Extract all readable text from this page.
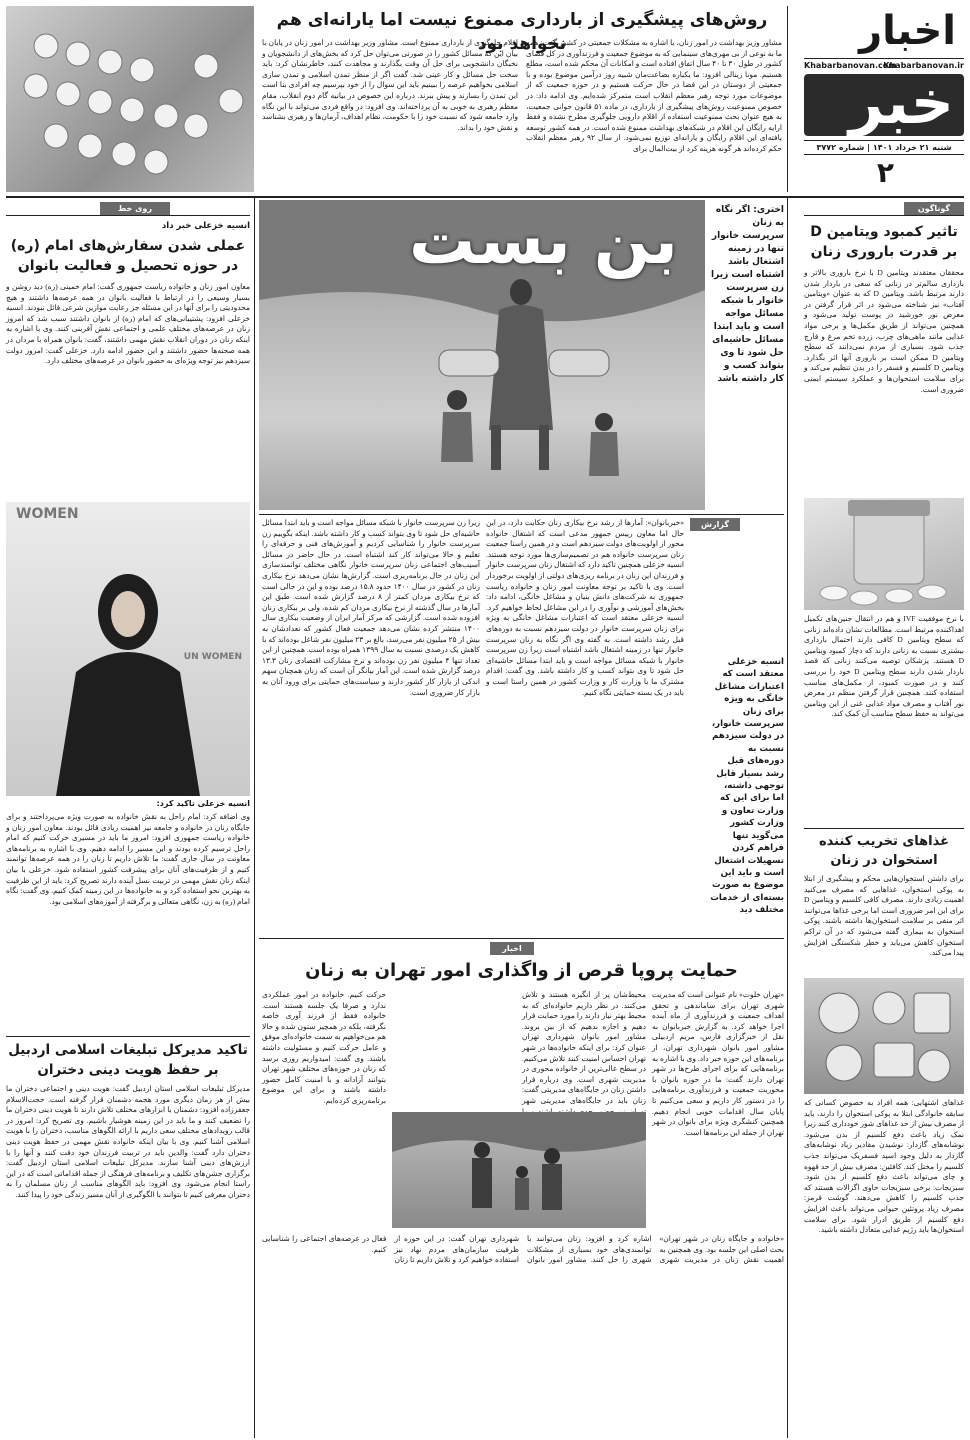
اخبار
Khabarbanovan.ir
Khabarbanovan.com
خبر
شنبه ۲۱ خرداد ۱۴۰۱ | شماره ۳۷۷۲
۲
روش‌های پیشگیری از بارداری ممنوع نیست اما یارانه‌ای هم نخواهد بود
مشاور وزیر بهداشت در امور زنان، با اشاره به مشکلات جمعیتی در کشور گفت: همه ما به نوعی از بی مهری‌های سینمایی که به موضوع جمعیت و فرزندآوری در کل فضای کشور در طول ۳۰ تا ۴۰ سال اتفاق افتاده است و امکانات آن محکم شده است، مطلع هستیم. مونا زینالی افزود: ما یکباره بضاعت‌مان شبیه روز درآمین موضوع بوده و با جمعیتی از دوستان در این فضا در حال حرکت هستیم و در حوزه جمعیت که از موضوعات مورد توجه رهبر معظم انقلاب است متمرکز شده‌ایم. وی ادامه داد: در خصوص ممنوعیت روش‌های پیشگیری از بارداری، در ماده ۵۱ قانون جوانی جمعیت، به هیچ عنوان بحث ممنوعیت استفاده از اقلام دارویی جلوگیری مطرح نشده و فقط ارایه رایگان این اقلام در شبکه‌های بهداشت ممنوع شده است. در همه کشور توسعه یافته‌ای این اقلام رایگان و یارانه‌ای توزیع نمی‌شود. از سال ۹۲ رهبر معظم انقلاب حکم کرده‌اند هر گونه هزینه کرد از بیت‌المال برای
اقلام جلوگیری از بارداری ممنوع است. مشاور وزیر بهداشت در امور زنان در پایان با بیان این که مسائل کشور را در صورتی می‌توان حل کرد که بخش‌های از دانشجویان و نخبگان دانشجویی برای حل آن وقت بگذارند و مجاهدت کنند، خاطرنشان کرد: باید سخت حل مسائل و کار عینی شد. گفت اگر از منظر تمدن اسلامی و تمدن سازی اسلامی بخواهیم عرصه را ببینیم باید این سوال را از خود بپرسیم چه افرادی بنا است این تمدن را بسازند و پیش ببرند. درباره این خصوص در بیانیه گام دوم انقلاب، مقام معظم رهبری به خوبی به آن پرداخته‌اند. وی افزود: در واقع فردی می‌تواند با این نگاه وارد جامعه شود که نسبت خود را با حکومت، نظام اهداف، آرمان‌ها و رهبری بشناسد و نقش خود را بداند.
گوناگون
تاثیر کمبود ویتامین D بر قدرت باروری زنان
محققان معتقدند ویتامین D با نرخ باروری بالاتر و بارداری سالم‌تر در زنانی که سعی در باردار شدن دارند مرتبط باشد. ویتامین D که به عنوان «ویتامین آفتاب» نیز شناخته می‌شود در اثر قرار گرفتن در معرض نور خورشید در پوست تولید می‌شود و همچنین می‌تواند از طریق مکمل‌ها و برخی مواد غذایی مانند ماهی‌های چرب، زرده تخم مرغ و قارچ جذب شود. بسیاری از مردم نمی‌دانند که سطح ویتامین D ممکن است بر باروری آنها اثر بگذارد. ویتامین D کلسیم و فسفر را در بدن تنظیم می‌کند و برای سلامت استخوان‌ها و عملکرد سیستم ایمنی ضروری است.
با نرخ موفقیت IVF و هم در انتقال جنین‌های تکمیل اهداکننده مرتبط است. مطالعات نشان داده‌اند زنانی که سطح ویتامین D کافی دارند احتمال بارداری بیشتری نسبت به زنانی دارند که دچار کمبود ویتامین D هستند. پزشکان توصیه می‌کنند زنانی که قصد باردار شدن دارند سطح ویتامین D خود را بررسی کنند و در صورت کمبود، از مکمل‌های مناسب استفاده کنند. همچنین قرار گرفتن منظم در معرض نور آفتاب و مصرف مواد غذایی غنی از این ویتامین می‌تواند به حفظ سطح مناسب آن کمک کند.
غذاهای تخریب کننده استخوان در زنان
برای داشتن استخوان‌هایی محکم و پیشگیری از ابتلا به پوکی استخوان، غذاهایی که مصرف می‌کنید اهمیت زیادی دارند. مصرف کافی کلسیم و ویتامین D برای این امر ضروری است اما برخی غذاها می‌توانند اثر منفی بر سلامت استخوان‌ها داشته باشند. پوکی استخوان به بیماری گفته می‌شود که در آن تراکم استخوان کاهش می‌یابد و خطر شکستگی افزایش پیدا می‌کند.
غذاهای اشتهایی: همه افراد به خصوص کسانی که سابقه خانوادگی ابتلا به پوکی استخوان را دارند، باید از مصرف بیش از حد غذاهای شور خودداری کنند زیرا نمک زیاد باعث دفع کلسیم از بدن می‌شود. نوشابه‌های گازدار: نوشیدن مقادیر زیاد نوشابه‌های گازدار به دلیل وجود اسید فسفریک می‌تواند جذب کلسیم را مختل کند. کافئین: مصرف بیش از حد قهوه و چای می‌تواند باعث دفع کلسیم از بدن شود. سبزیجات: برخی سبزیجات حاوی اگزالات هستند که جذب کلسیم را کاهش می‌دهند. گوشت قرمز: مصرف زیاد پروتئین حیوانی می‌تواند باعث افزایش دفع کلسیم از طریق ادرار شود. برای سلامت استخوان‌ها باید رژیم غذایی متعادل داشته باشید.
روی خط
انسیه خزعلی خبر داد
عملی شدن سفارش‌های امام (ره) در حوزه تحصیل و فعالیت بانوان
معاون امور زنان و خانواده ریاست جمهوری گفت: امام خمینی (ره) دید روشن و بسیار وسیعی را در ارتباط با فعالیت بانوان در همه عرصه‌ها داشتند و هیچ محدودیتی را برای آنها در این مسئله جز رعایت موازین شرعی قائل نبودند. انسیه خزعلی افزود: پشتیبانی‌های که امام (ره) از بانوان داشتند سبب شد که امروز زنان در عرصه‌های مختلف علمی و اجتماعی نقش آفرینی کنند. وی با اشاره به اینکه زنان در دوران انقلاب نقش مهمی داشتند، گفت: بانوان همراه با مردان در همه صحنه‌ها حضور داشتند و این حضور ادامه دارد. خزعلی گفت: امروز دولت سیزدهم نیز توجه ویژه‌ای به حضور بانوان در عرصه‌های مختلف دارد.
WOMEN
UN WOMEN
انسیه خزعلی تاکید کرد:
وی اضافه کرد: امام راحل به نقش خانواده به صورت ویژه می‌پرداختند و برای جایگاه زنان در خانواده و جامعه نیز اهمیت زیادی قائل بودند. معاون امور زنان و خانواده ریاست جمهوری افزود: امروز ما باید در مسیری حرکت کنیم که امام راحل ترسیم کرده بودند و این مسیر را ادامه دهیم. وی با اشاره به برنامه‌های معاونت در سال جاری گفت: ما تلاش داریم تا زنان را در همه عرصه‌ها توانمند کنیم و از ظرفیت‌های آنان برای پیشرفت کشور استفاده شود. خزعلی با بیان اینکه زنان نقش مهمی در تربیت نسل آینده دارند تصریح کرد: باید از این ظرفیت به بهترین نحو استفاده کرد و به خانواده‌ها در این زمینه کمک کنیم. وی گفت: نگاه امام (ره) به زن، نگاهی متعالی و برگرفته از آموزه‌های اسلامی بود.
تاکید مدیرکل تبلیغات اسلامی اردبیل بر حفظ هویت دینی دختران
مدیرکل تبلیغات اسلامی استان اردبیل گفت: هویت دینی و اجتماعی دختران ما بیش از هر زمان دیگری مورد هجمه دشمنان قرار گرفته است. حجت‌الاسلام جعفرزاده افزود: دشمنان با ابزارهای مختلف تلاش دارند تا هویت دینی دختران ما را تضعیف کنند و ما باید در این زمینه هوشیار باشیم. وی تصریح کرد: امروز در قالب رویدادهای مختلف سعی داریم با ارائه الگوهای مناسب، دختران را با هویت اسلامی آشنا کنیم. وی با بیان اینکه خانواده نقش مهمی در حفظ هویت دینی دختران دارد گفت: والدین باید در تربیت فرزندان خود دقت کنند و آنها را با ارزش‌های دینی آشنا سازند. مدیرکل تبلیغات اسلامی استان اردبیل گفت: برگزاری جشن‌های تکلیف و برنامه‌های فرهنگی از جمله اقداماتی است که در این راستا انجام می‌شود. وی افزود: باید الگوهای مناسب از زنان مسلمان را به دختران معرفی کنیم تا بتوانند با الگوگیری از آنان مسیر زندگی خود را پیدا کنند.
بن بست	اختری: اگر نگاه به زنان سرپرست خانوار تنها در زمینه اشتغال باشد اشتباه است زیرا زن سرپرست خانوار با شبکه مسائل مواجه است و باید ابتدا مسائل حاشیه‌ای حل شود تا وی بتواند کسب و کار داشته باشد
گزارش
انسیه خزعلی معتقد است که اعتبارات مشاغل خانگی به ویژه برای زنان سرپرست خانوار، در دولت سیزدهم نسبت به دوره‌های قبل رشد بسیار قابل توجهی داشته، اما برای این که وزارت تعاون و وزارت کشور می‌گوید تنها فراهم کردن تسهیلات اشتغال است و باید این موضوع به صورت بسته‌ای از خدمات مختلف دید
«خبربانوان»: آمارها از رشد نرخ بیکاری زنان حکایت دارد، در این حال اما معاون رییس جمهور مدعی است که اشتغال خانواده محور از اولویت‌های دولت سیزدهم است و در همین راستا جمعیت زنان سرپرست خانواده هم در تصمیم‌سازی‌ها مورد توجه هستند. انسیه خزعلی همچنین تاکید دارد که اشتغال زنان سرپرست خانوار و فرزندان این زنان در برنامه ریزی‌های دولتی از اولویت برخوردار است. وی با تاکید بر توجه معاونت امور زنان و خانواده ریاست جمهوری به شرکت‌های دانش بنیان و مشاغل خانگی، ادامه داد: بخش‌های آموزشی و نوآوری را در این مشاغل لحاظ خواهیم کرد. انسیه خزعلی معتقد است که اعتبارات مشاغل خانگی به ویژه برای زنان سرپرست خانوار در دولت سیزدهم نسبت به دوره‌های قبل رشد داشته است. به گفته وی اگر نگاه به زنان سرپرست خانوار تنها در زمینه اشتغال باشد اشتباه است زیرا زن سرپرست خانوار با شبکه مسائل مواجه است و باید ابتدا مسائل حاشیه‌ای حل شود تا وی بتواند کسب و کار داشته باشد. وی گفت: اقدام مشترک ما با وزارت کار و وزارت کشور در همین راستا است و باید در یک بسته حمایتی نگاه کنیم.
زیرا زن سرپرست خانوار با شبکه مسائل مواجه است و باید ابتدا مسائل حاشیه‌ای حل شود تا وی بتواند کسب و کار داشته باشد. اینکه بگوییم زن سرپرست خانوار را شناسایی کردیم و آموزش‌های فنی و حرفه‌ای را تعلیم و حالا می‌تواند کار کند اشتباه است. در حال حاضر در مسائل آسیب‌های اجتماعی زنان سرپرست خانوار نگاهی مختلف توانمندسازی این زنان در حال برنامه‌ریزی است. گزارش‌ها نشان می‌دهد نرخ بیکاری زنان در کشور در سال ۱۴۰۰ حدود ۱۵.۸ درصد بوده و این در حالی است که نرخ بیکاری مردان کمتر از ۸ درصد گزارش شده است. طبق این آمارها در سال گذشته از نرخ بیکاری مردان کم شده، ولی بر بیکاری زنان افزوده شده است. گزارشی که مرکز آمار ایران از وضعیت بیکاری سال ۱۴۰۰ منتشر کرده نشان می‌دهد جمعیت فعال کشور که تعدادشان به بیش از ۲۵ میلیون نفر می‌رسد، بالغ بر ۲۳ میلیون نفر شاغل بوده‌اند که با کاهش یک درصدی نسبت به سال ۱۳۹۹ همراه بوده است. همچنین از این تعداد تنها ۴ میلیون نفر زن بوده‌اند و نرخ مشارکت اقتصادی زنان ۱۳.۳ درصد گزارش شده است. این آمار بیانگر آن است که زنان همچنان سهم اندکی از بازار کار کشور دارند و سیاست‌های حمایتی برای ورود آنان به بازار کار ضروری است.
اخبار
حمایت پروپا قرص از واگذاری امور تهران به زنان
«تهران خلوت» نام عنوانی است که مدیریت شهری تهران برای ساماندهی و تحقق اهداف جمعیت و فرزندآوری از ماه آینده اجرا خواهد کرد. به گزارش خبربانوان به نقل از خبرگزاری فارس، مریم اردبیلی مشاور امور بانوان شهرداری تهران، از برنامه‌های این حوزه خبر داد. وی با اشاره به برنامه‌هایی که برای اجرای طرح‌ها در شهر تهران دارند گفت: ما در حوزه بانوان با محوریت جمعیت و فرزندآوری برنامه‌هایی را در دستور کار داریم و سعی می‌کنیم تا پایان سال اقدامات خوبی انجام دهیم. همچنین کنشگری ویژه برای بانوان در شهر تهران از جمله این برنامه‌ها است.
محیط‌شان پر از انگیزه هستند و تلاش می‌کنند. در نظر داریم خانواده‌ای که به محیط بهتر نیاز دارند را مورد حمایت قرار دهیم و اجازه ندهیم که از بین بروند. مشاور امور بانوان شهرداری تهران عنوان کرد: برای اینکه خانواده‌ها در شهر تهران احساس امنیت کنند تلاش می‌کنیم. در سطح عالی‌ترین از خانواده محوری در مدیریت شهری است. وی درباره قرار داشتن زنان در جایگاه‌های مدیریتی گفت: زنان باید در جایگاه‌های مدیریتی شهر
حرکت کنیم. خانواده در امور عملکردی ندارد و صرفا یک جلسه هستند است. خانواده فقط از فرزند آوری خاصه نگرفته، بلکه در همچیز ستون شده و حالا هم می‌خواهیم به سمت خانواده‌ای موفق و عامل حرکت کنیم و مسئولیت داشته باشند. وی گفت: امیدواریم روزی برسد که زنان در حوزه‌های مختلف شهر تهران بتوانند آزادانه و با امنیت کامل حضور داشته باشند و برای این موضوع برنامه‌ریزی کرده‌ایم.
«خانواده و جایگاه زنان در شهر تهران» بحث اصلی این جلسه بود. وی همچنین به اهمیت نقش زنان در مدیریت شهری اشاره کرد و افزود: زنان می‌توانند با توانمندی‌های خود بسیاری از مشکلات شهری را حل کنند. مشاور امور بانوان شهرداری تهران گفت: در این حوزه از ظرفیت سازمان‌های مردم نهاد نیز استفاده خواهیم کرد و تلاش داریم تا زنان فعال در عرصه‌های اجتماعی را شناسایی کنیم.
